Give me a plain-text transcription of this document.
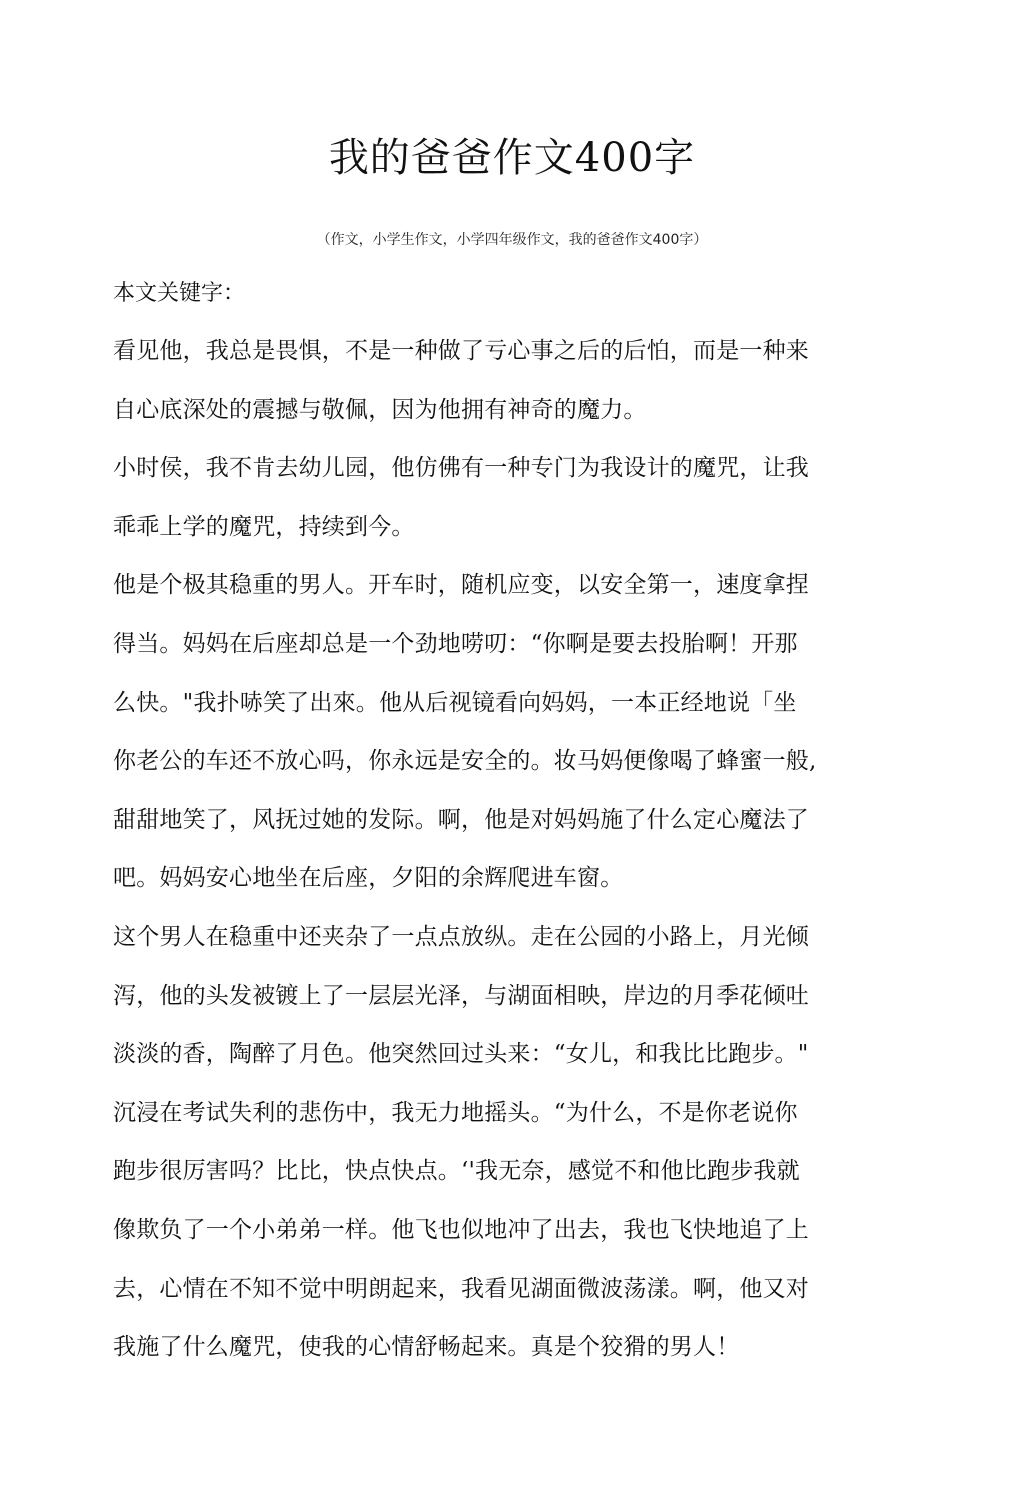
我的爸爸作文400字
（作文，小学生作文，小学四年级作文，我的爸爸作文400字）
本文关键字：
看见他，我总是畏惧，不是一种做了亏心事之后的后怕，而是一种来
自心底深处的震撼与敬佩，因为他拥有神奇的魔力。
小时侯，我不肯去幼儿园，他仿佛有一种专门为我设计的魔咒，让我
乖乖上学的魔咒，持续到今。
他是个极其稳重的男人。开车时，随机应变，以安全第一，速度拿捏
得当。妈妈在后座却总是一个劲地唠叨：“你啊是要去投胎啊！开那
么快。"我扑哧笑了出來。他从后视镜看向妈妈，一本正经地说「坐
你老公的车还不放心吗，你永远是安全的。妆马妈便像喝了蜂蜜一般,
甜甜地笑了，风抚过她的发际。啊，他是对妈妈施了什么定心魔法了
吧。妈妈安心地坐在后座，夕阳的余辉爬进车窗。
这个男人在稳重中还夹杂了一点点放纵。走在公园的小路上，月光倾
泻，他的头发被镀上了一层层光泽，与湖面相映，岸边的月季花倾吐
淡淡的香，陶醉了月色。他突然回过头来：“女儿，和我比比跑步。"
沉浸在考试失利的悲伤中，我无力地摇头。“为什么，不是你老说你
跑步很厉害吗？比比，快点快点。‘'我无奈，感觉不和他比跑步我就
像欺负了一个小弟弟一样。他飞也似地冲了出去，我也飞快地追了上
去，心情在不知不觉中明朗起来，我看见湖面微波荡漾。啊，他又对
我施了什么魔咒，使我的心情舒畅起来。真是个狡猾的男人！
